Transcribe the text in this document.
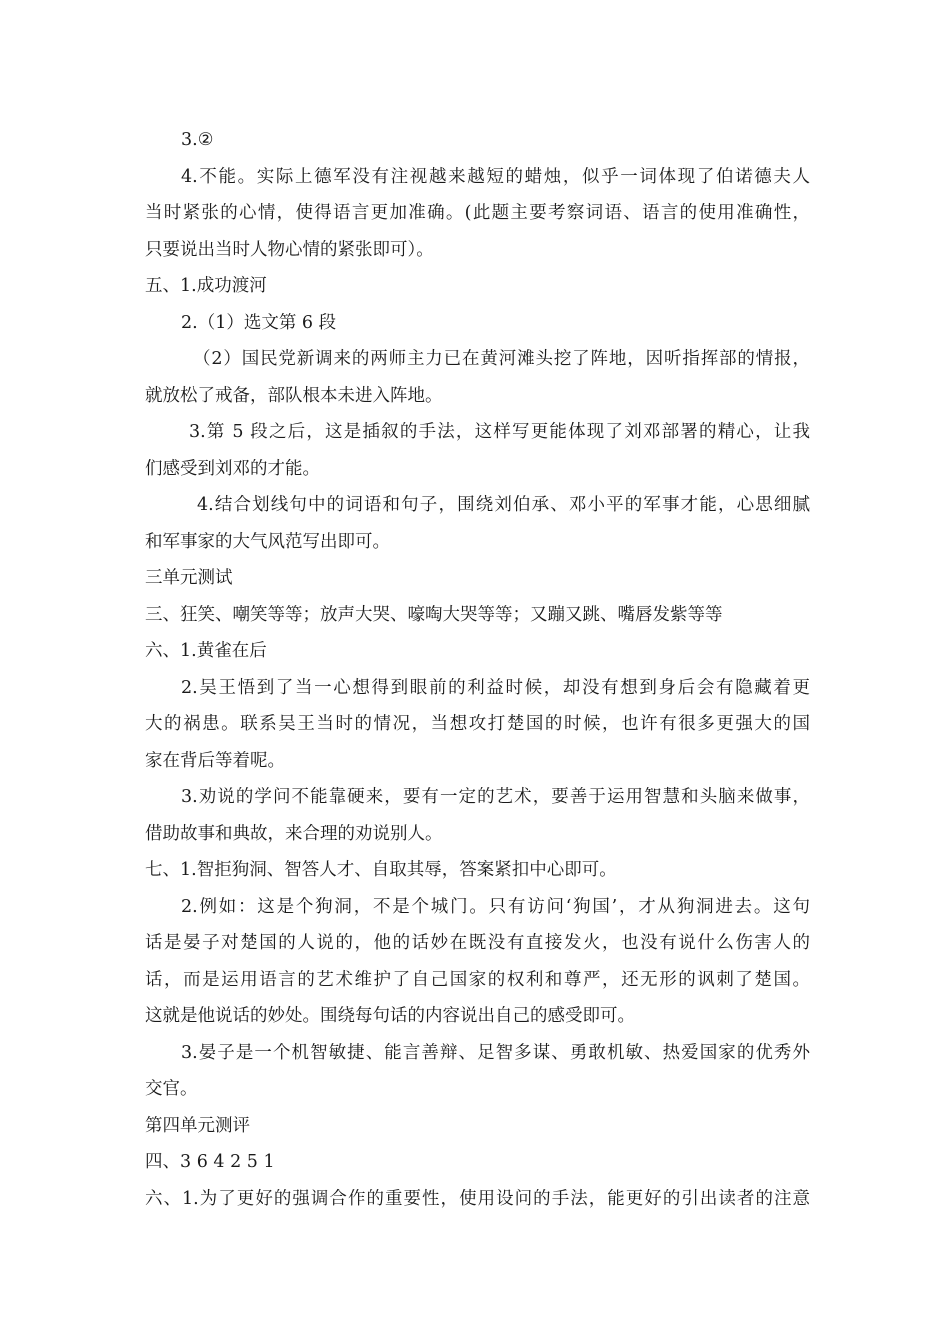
3.②
4.不能。实际上德军没有注视越来越短的蜡烛，似乎一词体现了伯诺德夫人
当时紧张的心情，使得语言更加准确。(此题主要考察词语、语言的使用准确性，
只要说出当时人物心情的紧张即可）。
五、1.成功渡河
2.（1）选文第 6 段
（2）国民党新调来的两师主力已在黄河滩头挖了阵地，因听指挥部的情报，
就放松了戒备，部队根本未进入阵地。
3.第 5 段之后，这是插叙的手法，这样写更能体现了刘邓部署的精心，让我
们感受到刘邓的才能。
4.结合划线句中的词语和句子，围绕刘伯承、邓小平的军事才能，心思细腻
和军事家的大气风范写出即可。
三单元测试
三、狂笑、嘲笑等等；放声大哭、嚎啕大哭等等；又蹦又跳、嘴唇发紫等等
六、1.黄雀在后
2.吴王悟到了当一心想得到眼前的利益时候，却没有想到身后会有隐藏着更
大的祸患。联系吴王当时的情况，当想攻打楚国的时候，也许有很多更强大的国
家在背后等着呢。
3.劝说的学问不能靠硬来，要有一定的艺术，要善于运用智慧和头脑来做事，
借助故事和典故，来合理的劝说别人。
七、1.智拒狗洞、智答人才、自取其辱，答案紧扣中心即可。
2.例如：这是个狗洞，不是个城门。只有访问‘狗国’，才从狗洞进去。这句
话是晏子对楚国的人说的，他的话妙在既没有直接发火，也没有说什么伤害人的
话，而是运用语言的艺术维护了自己国家的权利和尊严，还无形的讽刺了楚国。
这就是他说话的妙处。围绕每句话的内容说出自己的感受即可。
3.晏子是一个机智敏捷、能言善辩、足智多谋、勇敢机敏、热爱国家的优秀外
交官。
第四单元测评
四、3 6 4 2 5 1
六、1.为了更好的强调合作的重要性，使用设问的手法，能更好的引出读者的注意
